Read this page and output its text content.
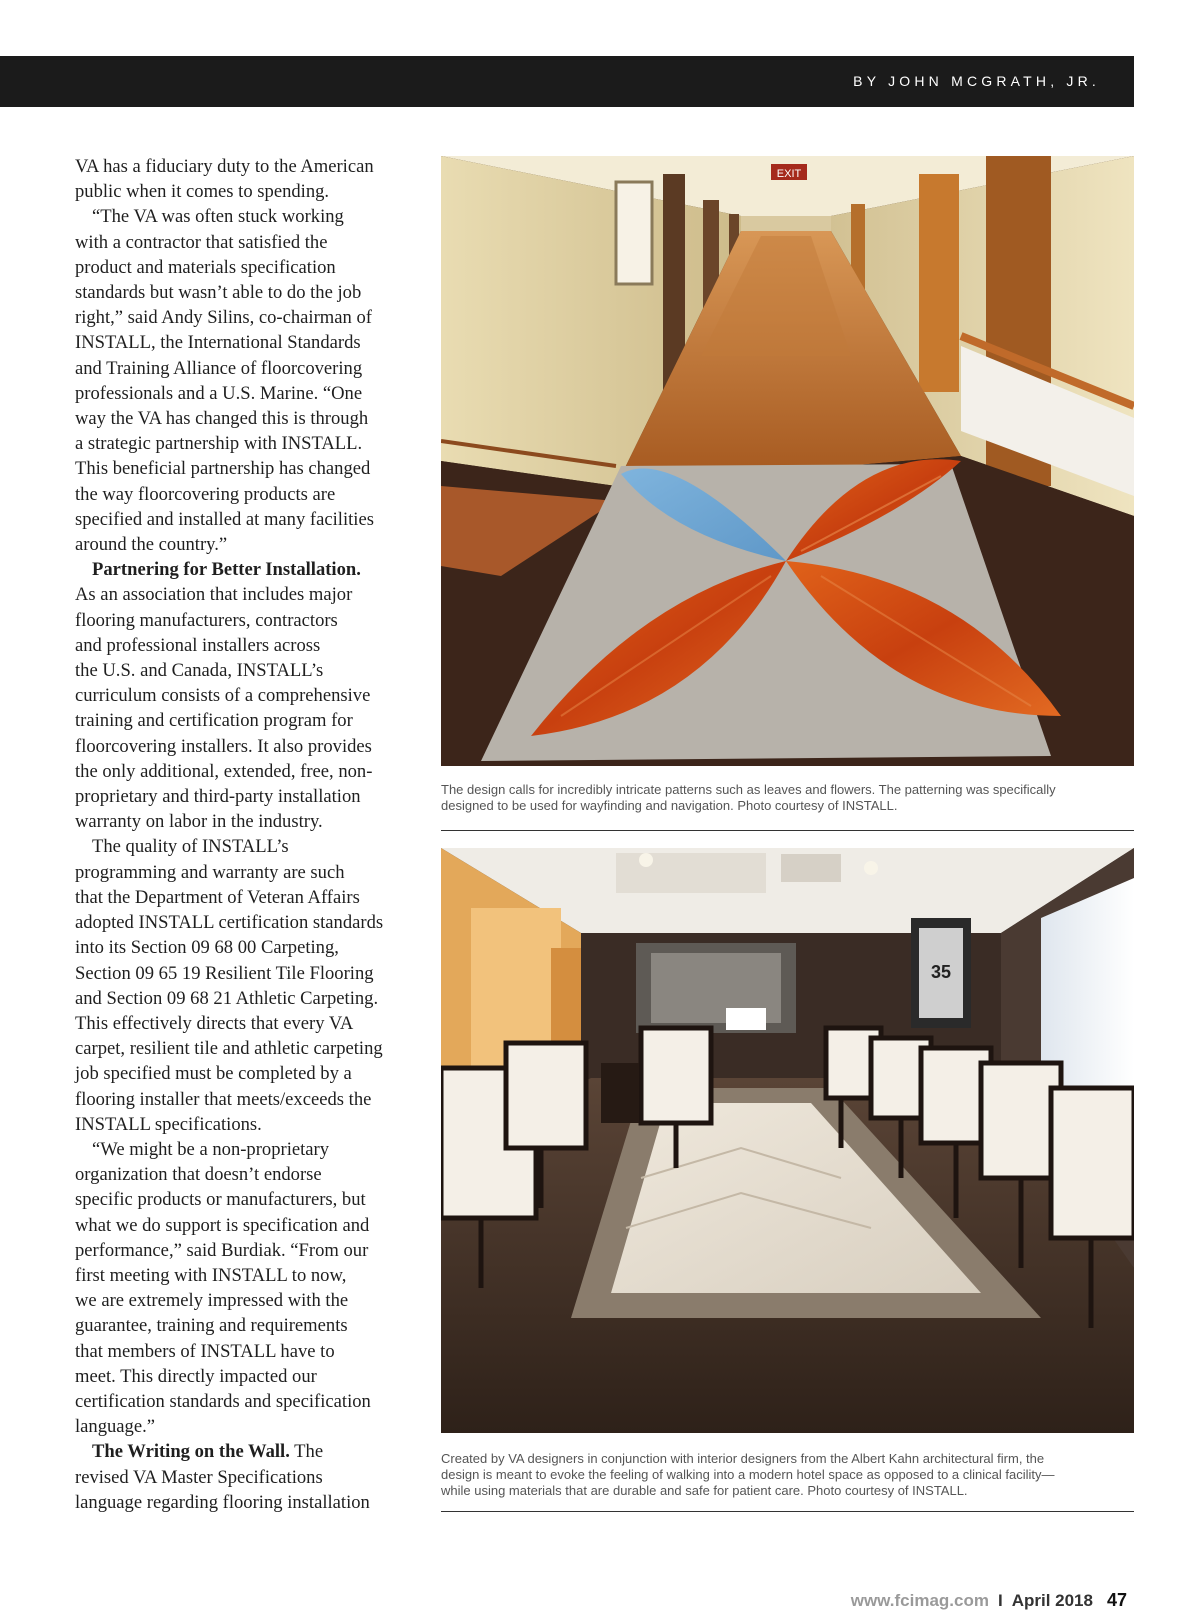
BY JOHN MCGRATH, JR.

VA has a fiduciary duty to the American
public when it comes to spending.

“The VA was often stuck working
with a contractor that satisfied the
product and materials specification
standards but wasn’t able to do the job
right,” said Andy Silins, co-chairman of
INSTALL, the International Standards
and Training Alliance of floorcovering
professionals and a U.S. Marine. “One
way the VA has changed this is through
a strategic partnership with INSTALL.
This beneficial partnership has changed
the way floorcovering products are
specified and installed at many facilities
around the country.”

Partnering for Better Installation.
As an association that includes major
flooring manufacturers, contractors
and professional installers across
the U.S. and Canada, INSTALL’s
curriculum consists of a comprehensive
training and certification program for
floorcovering installers. It also provides
the only additional, extended, free, non-
proprietary and third-party installation
warranty on labor in the industry.

The quality of INSTALL’s
programming and warranty are such
that the Department of Veteran Affairs
adopted INSTALL certification standards
into its Section 09 68 00 Carpeting,
Section 09 65 19 Resilient Tile Flooring
and Section 09 68 21 Athletic Carpeting.
This effectively directs that every VA
carpet, resilient tile and athletic carpeting
job specified must be completed by a
flooring installer that meets/exceeds the
INSTALL specifications.

“We might be a non-proprietary
organization that doesn’t endorse
specific products or manufacturers, but
what we do support is specification and
performance,” said Burdiak. “From our
first meeting with INSTALL to now,
we are extremely impressed with the
guarantee, training and requirements
that members of INSTALL have to
meet. This directly impacted our
certification standards and specification
language.”

The Writing on the Wall. The
revised VA Master Specifications
language regarding flooring installation

EXIT
The design calls for incredibly intricate patterns such as leaves and flowers. The patterning was specifically
designed to be used for wayfinding and navigation. Photo courtesy of INSTALL.
35
Created by VA designers in conjunction with interior designers from the Albert Kahn architectural firm, the
design is meant to evoke the feeling of walking into a modern hotel space as opposed to a clinical facility—
while using materials that are durable and safe for patient care. Photo courtesy of INSTALL.
www.fcimag.com I April 2018 47
